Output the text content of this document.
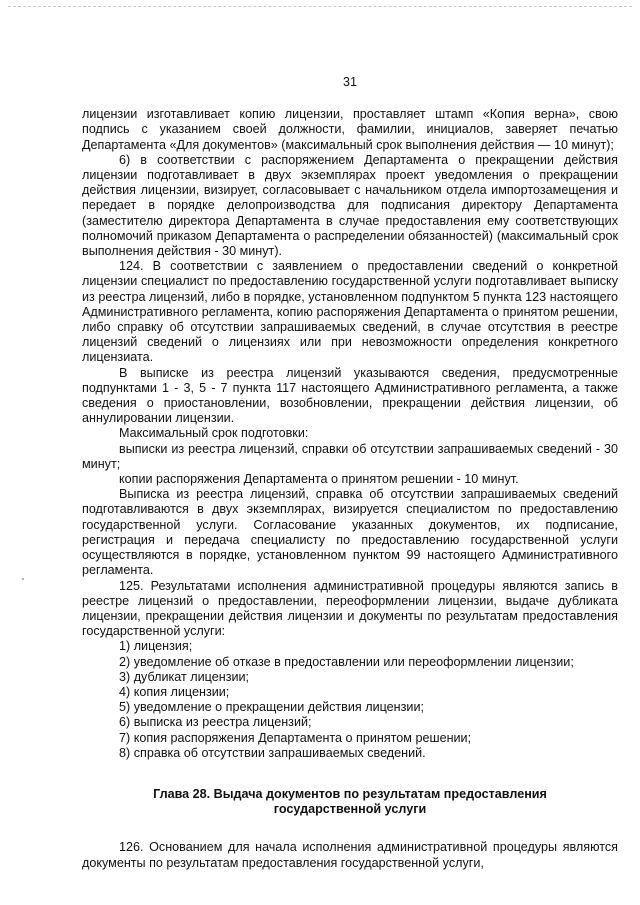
31

лицензии изготавливает копию лицензии, проставляет штамп «Копия верна», свою подпись с указанием своей должности, фамилии, инициалов, заверяет печатью Департамента «Для документов» (максимальный срок выполнения действия — 10 минут);

6) в соответствии с распоряжением Департамента о прекращении действия лицензии подготавливает в двух экземплярах проект уведомления о прекращении действия лицензии, визирует, согласовывает с начальником отдела импортозамещения и передает в порядке делопроизводства для подписания директору Департамента (заместителю директора Департамента в случае предоставления ему соответствующих полномочий приказом Департамента о распределении обязанностей) (максимальный срок выполнения действия - 30 минут).

124. В соответствии с заявлением о предоставлении сведений о конкретной лицензии специалист по предоставлению государственной услуги подготавливает выписку из реестра лицензий, либо в порядке, установленном подпунктом 5 пункта 123 настоящего Административного регламента, копию распоряжения Департамента о принятом решении, либо справку об отсутствии запрашиваемых сведений, в случае отсутствия в реестре лицензий сведений о лицензиях или при невозможности определения конкретного лицензиата.

В выписке из реестра лицензий указываются сведения, предусмотренные подпунктами 1 - 3, 5 - 7 пункта 117 настоящего Административного регламента, а также сведения о приостановлении, возобновлении, прекращении действия лицензии, об аннулировании лицензии.

Максимальный срок подготовки:

выписки из реестра лицензий, справки об отсутствии запрашиваемых сведений - 30 минут;

копии распоряжения Департамента о принятом решении - 10 минут.

Выписка из реестра лицензий, справка об отсутствии запрашиваемых сведений подготавливаются в двух экземплярах, визируется специалистом по предоставлению государственной услуги. Согласование указанных документов, их подписание, регистрация и передача специалисту по предоставлению государственной услуги осуществляются в порядке, установленном пунктом 99 настоящего Административного регламента.

125. Результатами исполнения административной процедуры являются запись в реестре лицензий о предоставлении, переоформлении лицензии, выдаче дубликата лицензии, прекращении действия лицензии и документы по результатам предоставления государственной услуги:

1) лицензия;

2) уведомление об отказе в предоставлении или переоформлении лицензии;

3) дубликат лицензии;

4) копия лицензии;

5) уведомление о прекращении действия лицензии;

6) выписка из реестра лицензий;

7) копия распоряжения Департамента о принятом решении;

8) справка об отсутствии запрашиваемых сведений.

Глава 28. Выдача документов по результатам предоставления государственной услуги

126. Основанием для начала исполнения административной процедуры являются документы по результатам предоставления государственной услуги,
